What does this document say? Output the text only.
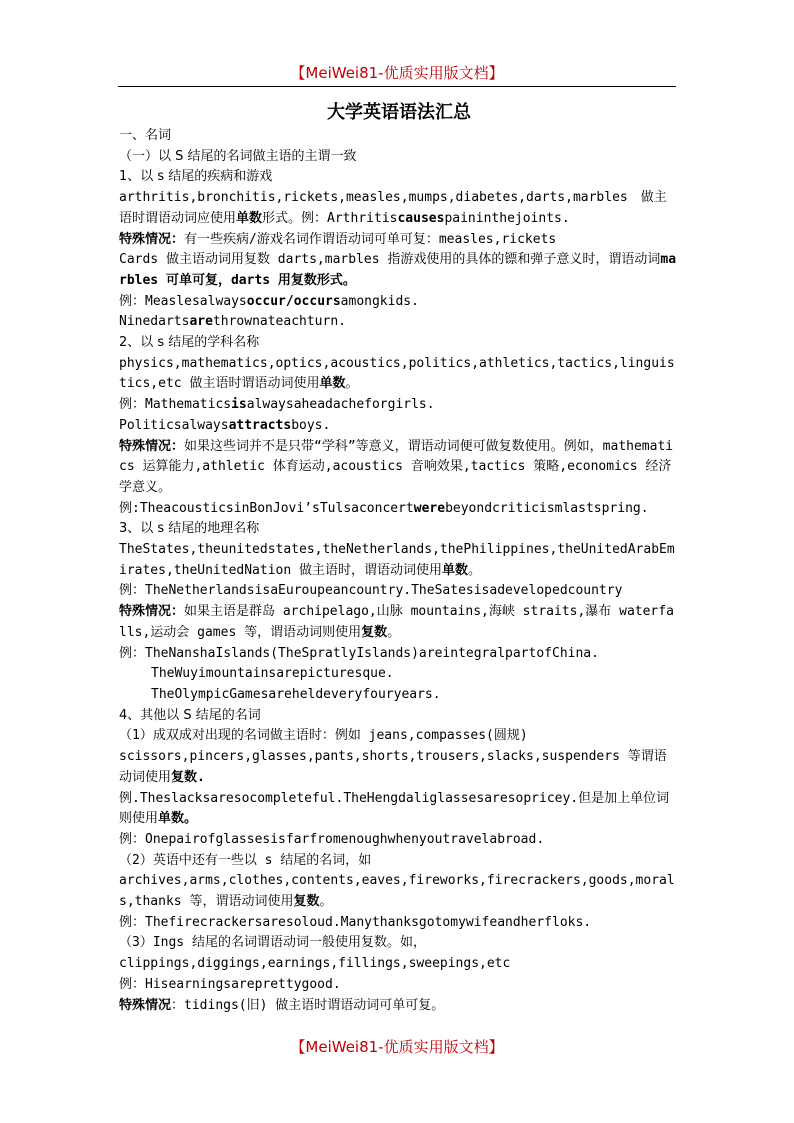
【MeiWei81-优质实用版文档】
大学英语语法汇总

一、名词

（一）以 S 结尾的名词做主语的主谓一致

1、以 s 结尾的疾病和游戏

arthritis,bronchitis,rickets,measles,mumps,diabetes,darts,marbles　做主语时谓语动词应使用单数形式。例：Arthritiscausespaininthejoints.

特殊情况：有一些疾病/游戏名词作谓语动词可单可复：measles,rickets

Cards 做主语动词用复数 darts,marbles 指游戏使用的具体的镖和弹子意义时，谓语动词marbles 可单可复，darts 用复数形式。

例：Measlesalwaysoccur/occursamongkids.

Ninedartsarethrownateachturn.

2、以 s 结尾的学科名称

physics,mathematics,optics,acoustics,politics,athletics,tactics,linguistics,etc 做主语时谓语动词使用单数。

例：Mathematicsisalwaysaheadacheforgirls.

Politicsalwaysattractsboys.

特殊情况：如果这些词并不是只带“学科”等意义，谓语动词便可做复数使用。例如，mathematics 运算能力,athletic 体育运动,acoustics 音响效果,tactics 策略,economics 经济学意义。

例:TheacousticsinBonJovi’sTulsaconcertwerebeyondcriticismlastspring.

3、以 s 结尾的地理名称

TheStates,theunitedstates,theNetherlands,thePhilippines,theUnitedArabEmirates,theUnitedNation 做主语时，谓语动词使用单数。

例：TheNetherlandsisaEuroupeancountry.TheSatesisadevelopedcountry

特殊情况：如果主语是群岛 archipelago,山脉 mountains,海峡 straits,瀑布 waterfalls,运动会 games 等，谓语动词则使用复数。

例：TheNanshaIslands(TheSpratlyIslands)areintegralpartofChina.

TheWuyimountainsarepicturesque.

TheOlympicGamesareheldeveryfouryears.

4、其他以 S 结尾的名词

（1）成双成对出现的名词做主语时：例如 jeans,compasses(圆规)

scissors,pincers,glasses,pants,shorts,trousers,slacks,suspenders 等谓语动词使用复数.

例.Theslacksaresocompleteful.TheHengdaliglassesaresopricey.但是加上单位词则使用单数。

例：Onepairofglassesisfarfromenoughwhenyoutravelabroad.

（2）英语中还有一些以 s 结尾的名词，如

archives,arms,clothes,contents,eaves,fireworks,firecrackers,goods,morals,thanks 等，谓语动词使用复数。

例：Thefirecrackersaresoloud.Manythanksgotomywifeandherfloks.

（3）Ings 结尾的名词谓语动词一般使用复数。如，

clippings,diggings,earnings,fillings,sweepings,etc

例：Hisearningsareprettygood.

特殊情况：tidings(旧) 做主语时谓语动词可单可复。

【MeiWei81-优质实用版文档】
